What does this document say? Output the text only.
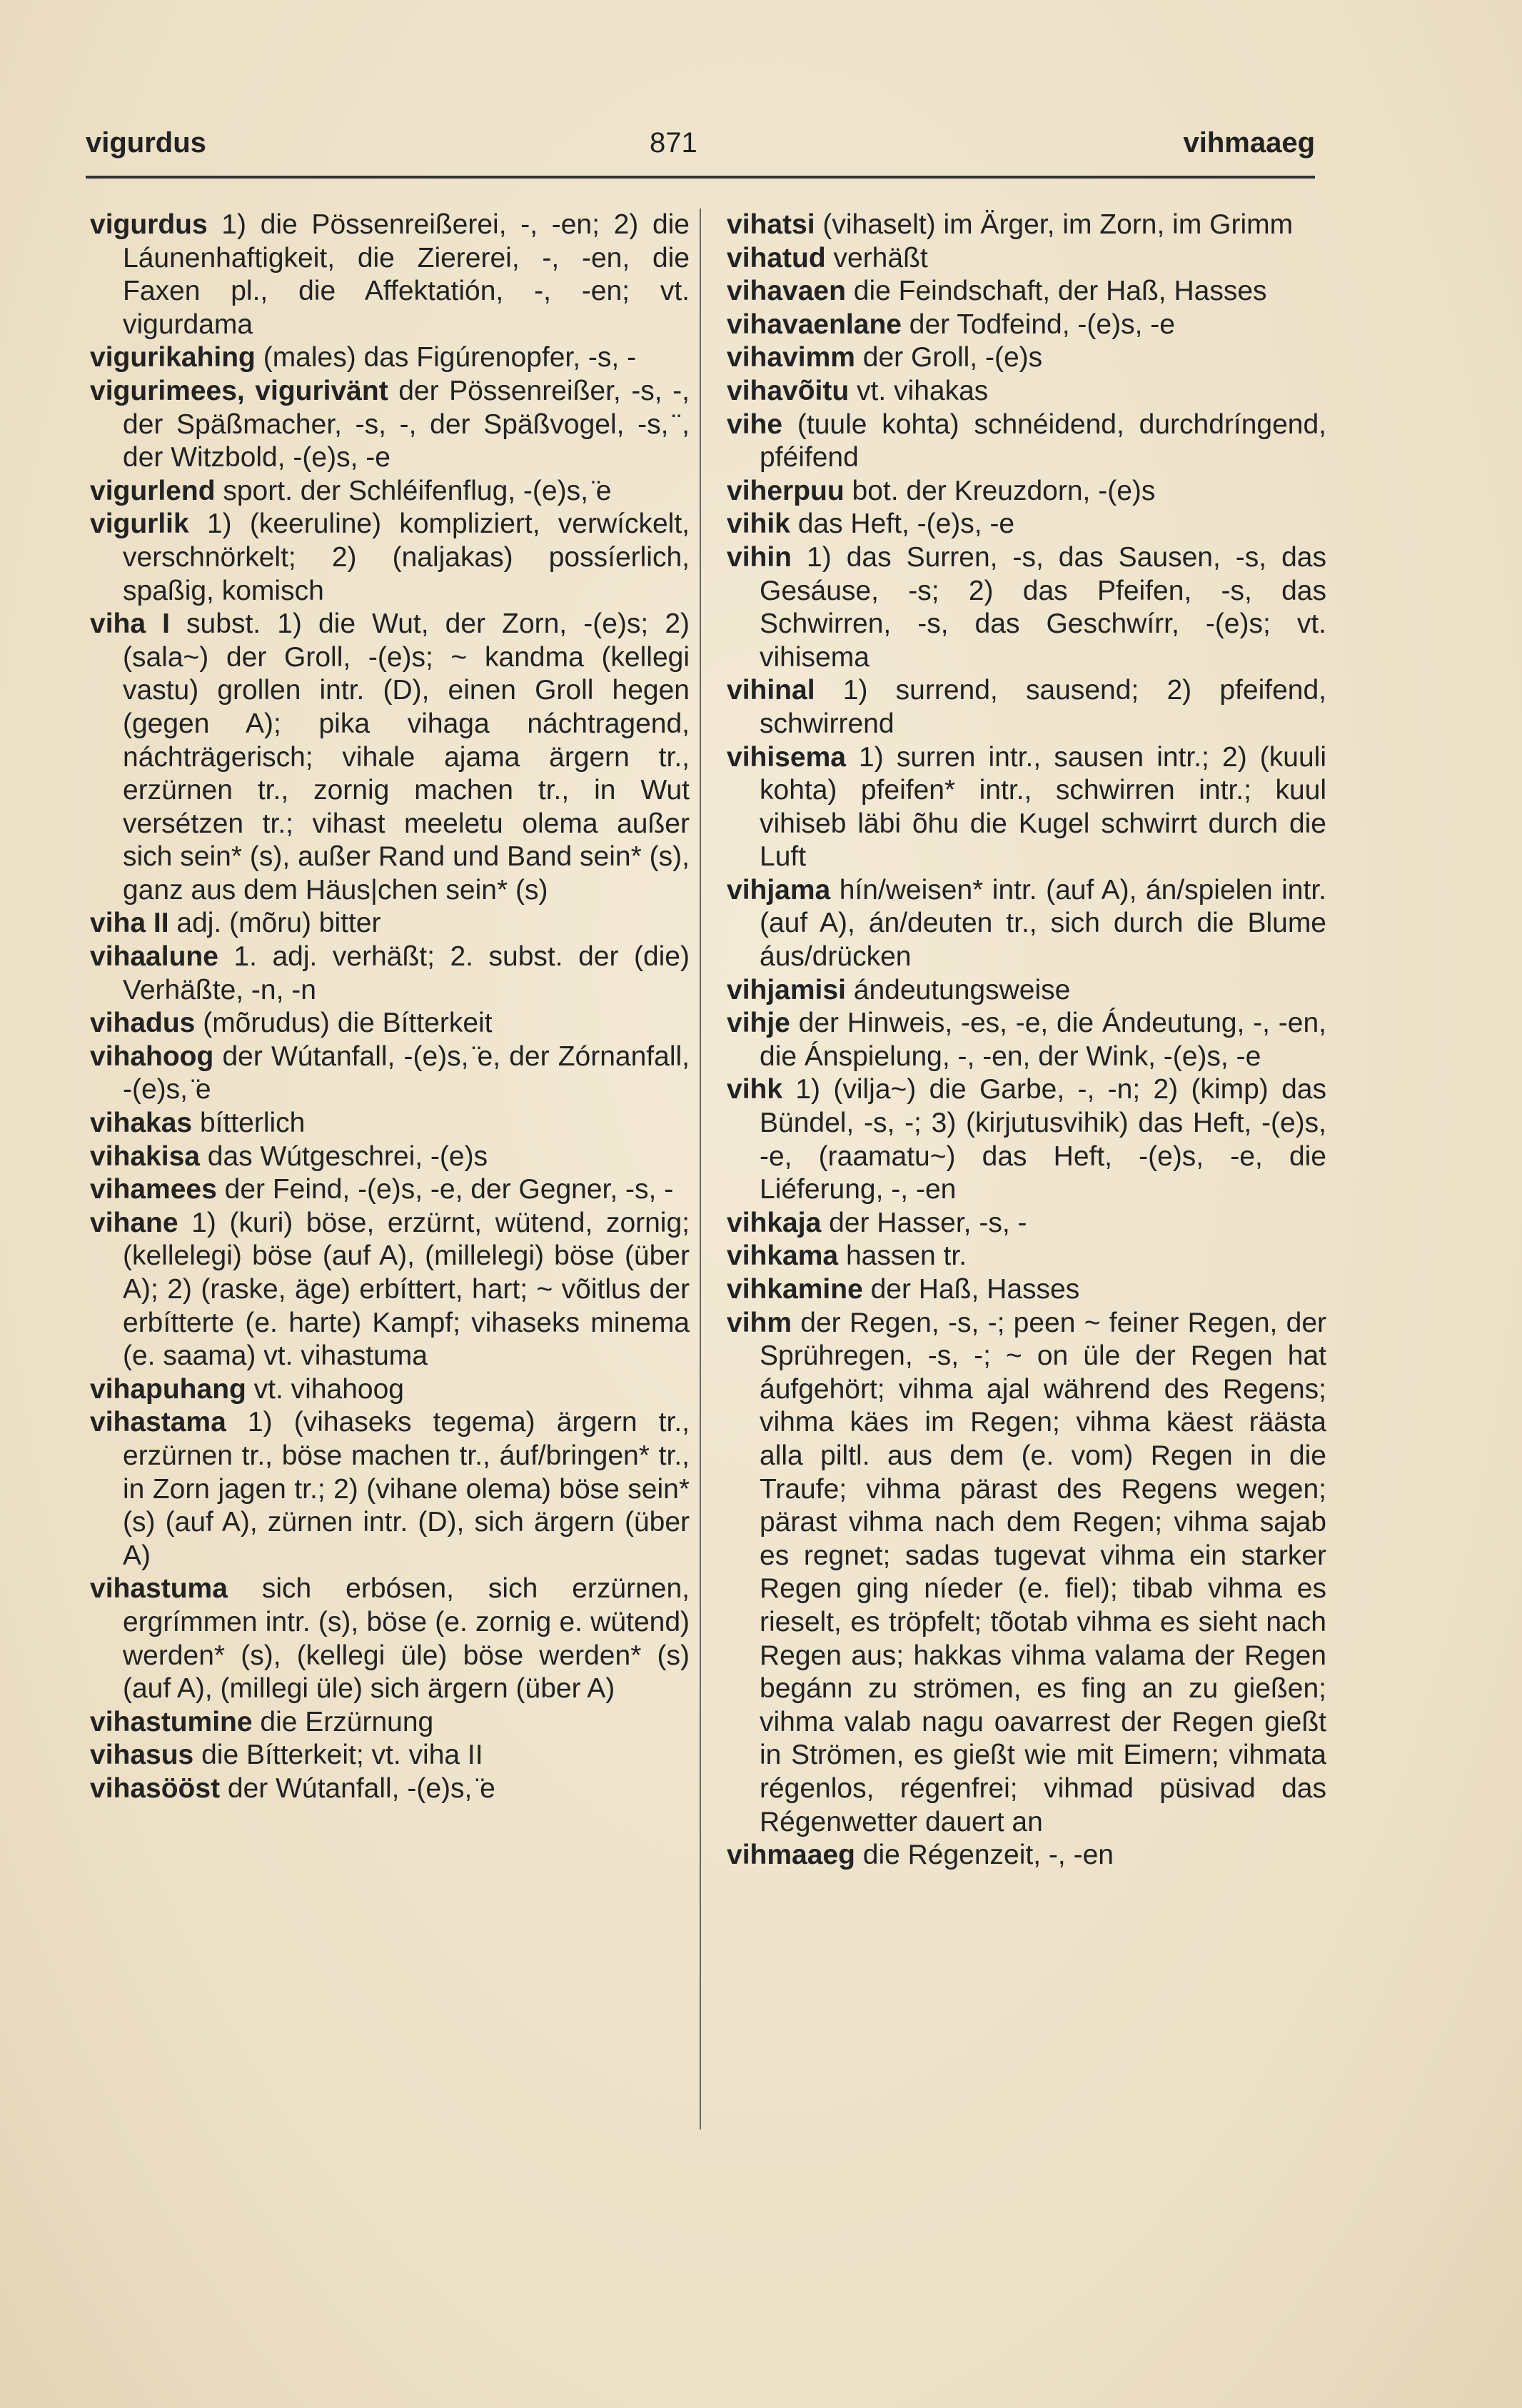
vigurdus	871	vihmaaeg

vigurdus 1) die Pössenreißerei, -, -en; 2) die Láunenhaftigkeit, die Ziererei, -, -en, die Faxen pl., die Affektatión, -, -en; vt. vigurdama

vigurikahing (males) das Figúrenopfer, -s, -

vigurimees, vigurivänt der Pössenreißer, -s, -, der Späßmacher, -s, -, der Späßvogel, -s, ̈, der Witzbold, -(e)s, -e

vigurlend sport. der Schléifenflug, -(e)s, ̈e

vigurlik 1) (keeruline) kompliziert, verwíckelt, verschnörkelt; 2) (naljakas) possíerlich, spaßig, komisch

viha I subst. 1) die Wut, der Zorn, -(e)s; 2) (sala~) der Groll, -(e)s; ~ kandma (kellegi vastu) grollen intr. (D), einen Groll hegen (gegen A); pika vihaga náchtragend, náchträgerisch; vihale ajama ärgern tr., erzürnen tr., zornig machen tr., in Wut versétzen tr.; vihast meeletu olema außer sich sein* (s), außer Rand und Band sein* (s), ganz aus dem Häus|chen sein* (s)

viha II adj. (mõru) bitter

vihaalune 1. adj. verhäßt; 2. subst. der (die) Verhäßte, -n, -n

vihadus (mõrudus) die Bítterkeit

vihahoog der Wútanfall, -(e)s, ̈e, der Zórnanfall, -(e)s, ̈e

vihakas bítterlich

vihakisa das Wútgeschrei, -(e)s

vihamees der Feind, -(e)s, -e, der Gegner, -s, -

vihane 1) (kuri) böse, erzürnt, wütend, zornig; (kellelegi) böse (auf A), (millelegi) böse (über A); 2) (raske, äge) erbíttert, hart; ~ võitlus der erbítterte (e. harte) Kampf; vihaseks minema (e. saama) vt. vihastuma

vihapuhang vt. vihahoog

vihastama 1) (vihaseks tegema) ärgern tr., erzürnen tr., böse machen tr., áuf/bringen* tr., in Zorn jagen tr.; 2) (vihane olema) böse sein* (s) (auf A), zürnen intr. (D), sich ärgern (über A)

vihastuma sich erbósen, sich erzürnen, ergrímmen intr. (s), böse (e. zornig e. wütend) werden* (s), (kellegi üle) böse werden* (s) (auf A), (millegi üle) sich ärgern (über A)

vihastumine die Erzürnung

vihasus die Bítterkeit; vt. viha II

vihasööst der Wútanfall, -(e)s, ̈e

vihatsi (vihaselt) im Ärger, im Zorn, im Grimm

vihatud verhäßt

vihavaen die Feindschaft, der Haß, Hasses

vihavaenlane der Todfeind, -(e)s, -e

vihavimm der Groll, -(e)s

vihavõitu vt. vihakas

vihe (tuule kohta) schnéidend, durchdríngend, pféifend

viherpuu bot. der Kreuzdorn, -(e)s

vihik das Heft, -(e)s, -e

vihin 1) das Surren, -s, das Sausen, -s, das Gesáuse, -s; 2) das Pfeifen, -s, das Schwirren, -s, das Geschwírr, -(e)s; vt. vihisema

vihinal 1) surrend, sausend; 2) pfeifend, schwirrend

vihisema 1) surren intr., sausen intr.; 2) (kuuli kohta) pfeifen* intr., schwirren intr.; kuul vihiseb läbi õhu die Kugel schwirrt durch die Luft

vihjama hín/weisen* intr. (auf A), án/spielen intr. (auf A), án/deuten tr., sich durch die Blume áus/drücken

vihjamisi ándeutungsweise

vihje der Hinweis, -es, -e, die Ándeutung, -, -en, die Ánspielung, -, -en, der Wink, -(e)s, -e

vihk 1) (vilja~) die Garbe, -, -n; 2) (kimp) das Bündel, -s, -; 3) (kirjutusvihik) das Heft, -(e)s, -e, (raamatu~) das Heft, -(e)s, -e, die Liéferung, -, -en

vihkaja der Hasser, -s, -

vihkama hassen tr.

vihkamine der Haß, Hasses

vihm der Regen, -s, -; peen ~ feiner Regen, der Sprühregen, -s, -; ~ on üle der Regen hat áufgehört; vihma ajal während des Regens; vihma käes im Regen; vihma käest räästa alla piltl. aus dem (e. vom) Regen in die Traufe; vihma pärast des Regens wegen; pärast vihma nach dem Regen; vihma sajab es regnet; sadas tugevat vihma ein starker Regen ging níeder (e. fiel); tibab vihma es rieselt, es tröpfelt; tõotab vihma es sieht nach Regen aus; hakkas vihma valama der Regen begánn zu strömen, es fing an zu gießen; vihma valab nagu oavarrest der Regen gießt in Strömen, es gießt wie mit Eimern; vihmata régenlos, régenfrei; vihmad püsivad das Régenwetter dauert an

vihmaaeg die Régenzeit, -, -en
